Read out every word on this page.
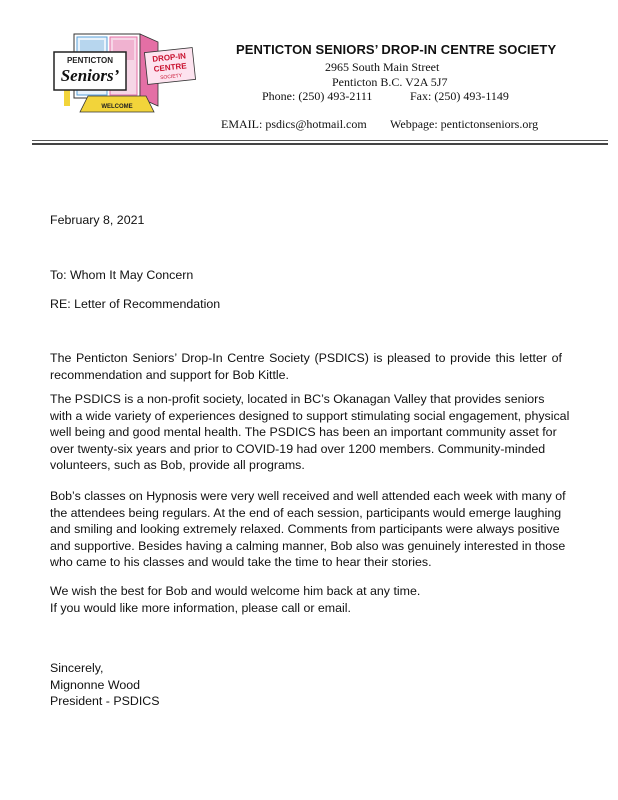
WELCOME
PENTICTON
Seniors’
DROP-IN
CENTRE
SOCIETY
PENTICTON SENIORS’ DROP-IN CENTRE SOCIETY
2965 South Main Street
Penticton B.C. V2A 5J7
Phone: (250) 493-2111	Fax: (250) 493-1149
EMAIL: psdics@hotmail.com Webpage: pentictonseniors.org
February 8, 2021
To: Whom It May Concern
RE: Letter of Recommendation
The Penticton Seniors’ Drop-In Centre Society (PSDICS) is pleased to provide this letter of
recommendation and support for Bob Kittle.
The PSDICS is a non-profit society, located in BC’s Okanagan Valley that provides seniors
with a wide variety of experiences designed to support stimulating social engagement, physical
well being and good mental health. The PSDICS has been an important community asset for
over twenty-six years and prior to COVID-19 had over 1200 members. Community-minded
volunteers, such as Bob, provide all programs.
Bob’s classes on Hypnosis were very well received and well attended each week with many of
the attendees being regulars. At the end of each session, participants would emerge laughing
and smiling and looking extremely relaxed. Comments from participants were always positive
and supportive. Besides having a calming manner, Bob also was genuinely interested in those
who came to his classes and would take the time to hear their stories.
We wish the best for Bob and would welcome him back at any time.
If you would like more information, please call or email.
Sincerely,
Mignonne Wood
President - PSDICS
